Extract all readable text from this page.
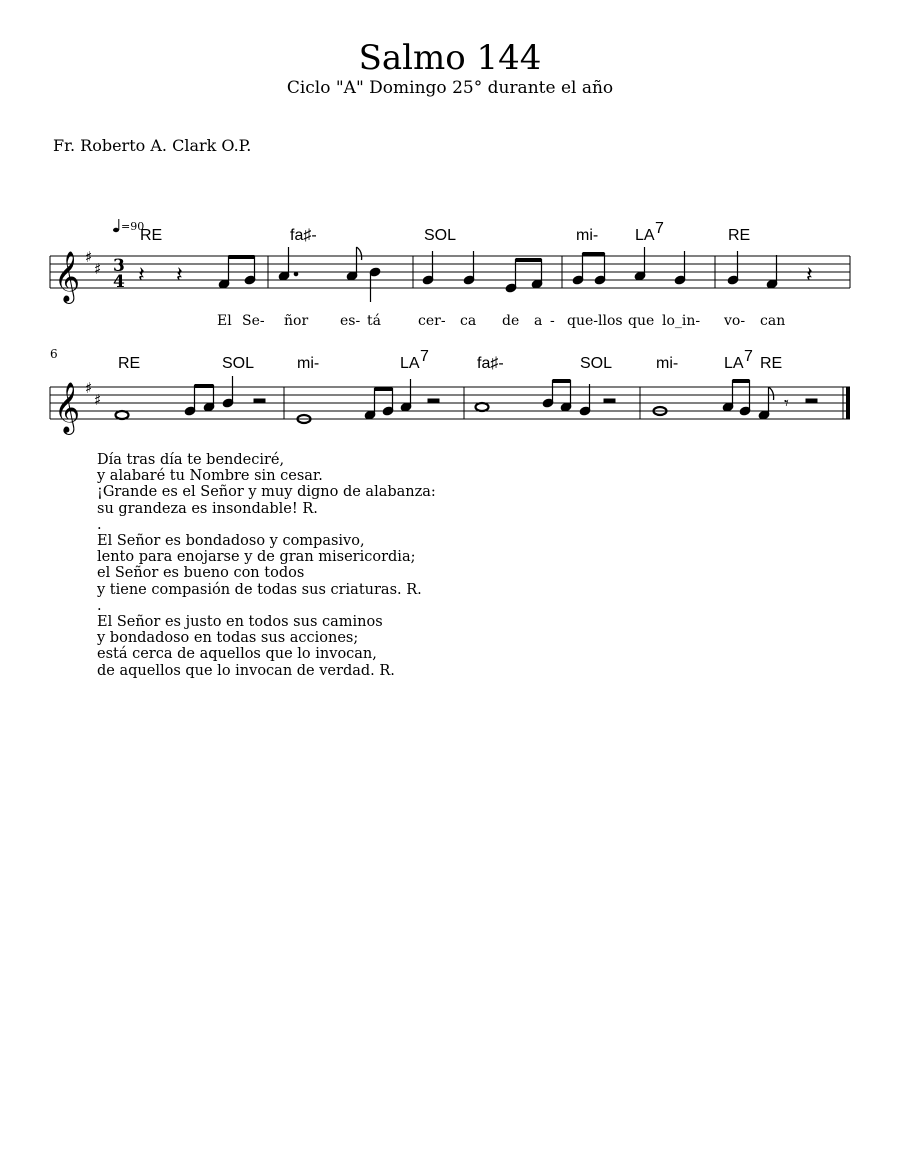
Salmo 144
Ciclo "A" Domingo 25° durante el año
Fr. Roberto A. Clark O.P.
𝄞 ♯
♯ 3
4
=90
RE	fa♯-	SOL	mi- LA 7	RE
𝄽 𝄽	𝄽
El Se- ñor es- tá	cer- ca de a - que-llos que lo_in- vo- can
6
𝄞 ♯
♯
RE	SOL	mi-	LA 7	fa♯-	SOL	mi-	LA 7 RE
𝄾
Día tras día te bendeciré,
y alabaré tu Nombre sin cesar.
¡Grande es el Señor y muy digno de alabanza:
su grandeza es insondable! R.
.
El Señor es bondadoso y compasivo,
lento para enojarse y de gran misericordia;
el Señor es bueno con todos
y tiene compasión de todas sus criaturas. R.
.
El Señor es justo en todos sus caminos
y bondadoso en todas sus acciones;
está cerca de aquellos que lo invocan,
de aquellos que lo invocan de verdad. R.
